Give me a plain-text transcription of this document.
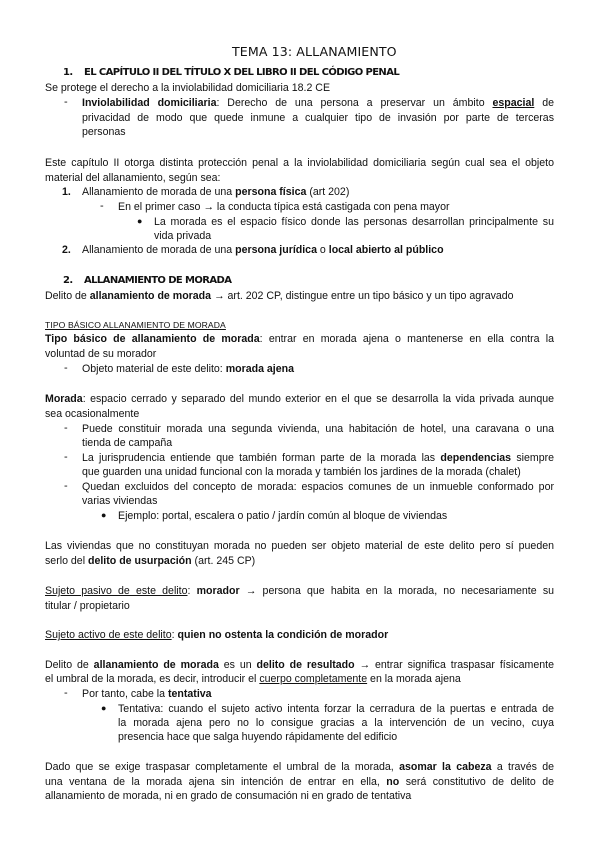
TEMA 13: ALLANAMIENTO
1. EL CAPÍTULO II DEL TÍTULO X DEL LIBRO II DEL CÓDIGO PENAL
Se protege el derecho a la inviolabilidad domiciliaria 18.2 CE
- Inviolabilidad domiciliaria: Derecho de una persona a preservar un ámbito espacial de
privacidad de modo que quede inmune a cualquier tipo de invasión por parte de terceras
personas
Este capítulo II otorga distinta protección penal a la inviolabilidad domiciliaria según cual sea el objeto
material del allanamiento, según sea:
1. Allanamiento de morada de una persona física (art 202)
- En el primer caso → la conducta típica está castigada con pena mayor
● La morada es el espacio físico donde las personas desarrollan principalmente su
vida privada
2. Allanamiento de morada de una persona jurídica o local abierto al público
2. ALLANAMIENTO DE MORADA
Delito de allanamiento de morada → art. 202 CP, distingue entre un tipo básico y un tipo agravado
TIPO BÁSICO ALLANAMIENTO DE MORADA
Tipo básico de allanamiento de morada: entrar en morada ajena o mantenerse en ella contra la
voluntad de su morador
- Objeto material de este delito: morada ajena
Morada: espacio cerrado y separado del mundo exterior en el que se desarrolla la vida privada aunque
sea ocasionalmente
- Puede constituir morada una segunda vivienda, una habitación de hotel, una caravana o una
tienda de campaña
- La jurisprudencia entiende que también forman parte de la morada las dependencias siempre
que guarden una unidad funcional con la morada y también los jardines de la morada (chalet)
- Quedan excluidos del concepto de morada: espacios comunes de un inmueble conformado por
varias viviendas
● Ejemplo: portal, escalera o patio / jardín común al bloque de viviendas
Las viviendas que no constituyan morada no pueden ser objeto material de este delito pero sí pueden
serlo del delito de usurpación (art. 245 CP)
Sujeto pasivo de este delito: morador → persona que habita en la morada, no necesariamente su
titular / propietario
Sujeto activo de este delito: quien no ostenta la condición de morador
Delito de allanamiento de morada es un delito de resultado → entrar significa traspasar físicamente
el umbral de la morada, es decir, introducir el cuerpo completamente en la morada ajena
- Por tanto, cabe la tentativa
● Tentativa: cuando el sujeto activo intenta forzar la cerradura de la puertas e entrada de
la morada ajena pero no lo consigue gracias a la intervención de un vecino, cuya
presencia hace que salga huyendo rápidamente del edificio
Dado que se exige traspasar completamente el umbral de la morada, asomar la cabeza a través de
una ventana de la morada ajena sin intención de entrar en ella, no será constitutivo de delito de
allanamiento de morada, ni en grado de consumación ni en grado de tentativa
